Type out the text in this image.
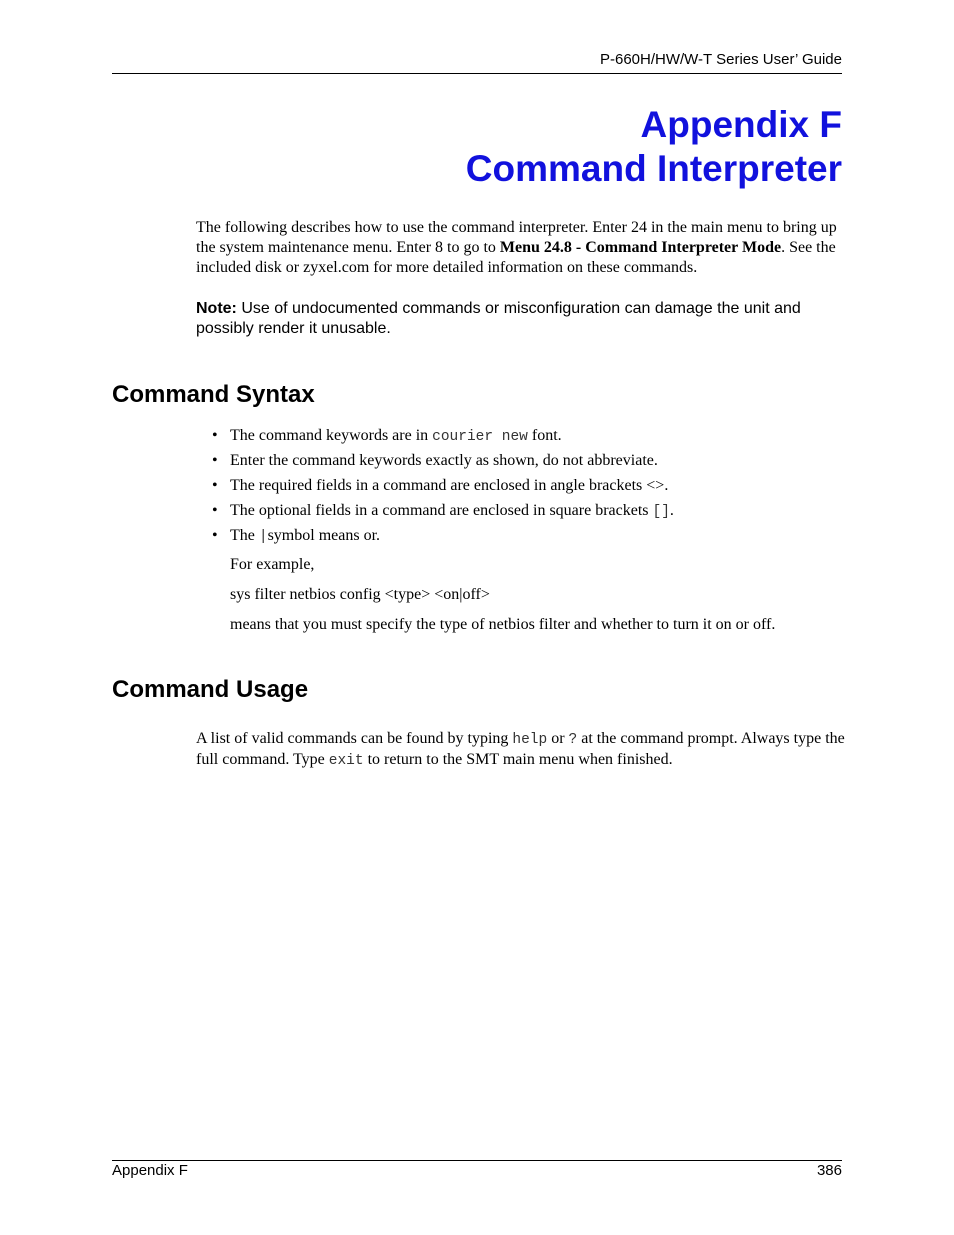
P-660H/HW/W-T Series User’ Guide
Appendix F
Command Interpreter
The following describes how to use the command interpreter. Enter 24 in the main menu to bring up the system maintenance menu. Enter 8 to go to Menu 24.8 - Command Interpreter Mode. See the included disk or zyxel.com for more detailed information on these commands.
Note: Use of undocumented commands or misconfiguration can damage the unit and possibly render it unusable.
Command Syntax
• The command keywords are in courier new font.
• Enter the command keywords exactly as shown, do not abbreviate.
• The required fields in a command are enclosed in angle brackets <>.
• The optional fields in a command are enclosed in square brackets [].
• The |symbol means or.
For example,
sys filter netbios config <type> <on|off>
means that you must specify the type of netbios filter and whether to turn it on or off.
Command Usage
A list of valid commands can be found by typing help or ? at the command prompt. Always type the full command. Type exit to return to the SMT main menu when finished.
Appendix F	386
